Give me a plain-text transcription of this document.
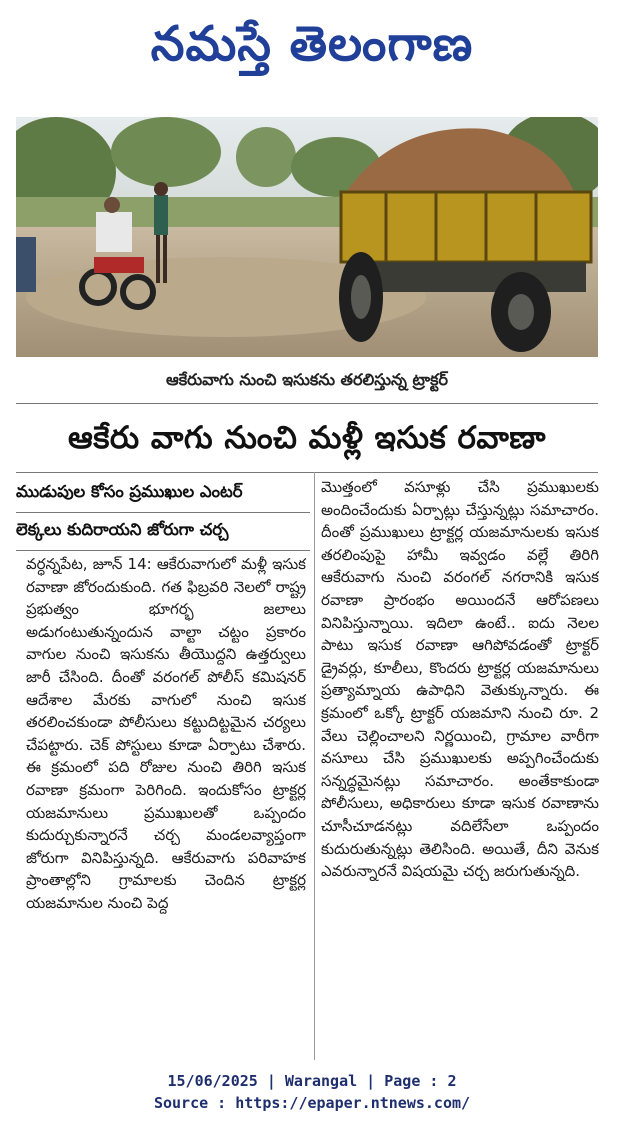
నమస్తే తెలంగాణ
ఆకేరువాగు నుంచి ఇసుకను తరలిస్తున్న ట్రాక్టర్
ఆకేరు వాగు నుంచి మళ్లీ ఇసుక రవాణా
ముడుపుల కోసం ప్రముఖుల ఎంటర్
లెక్కలు కుదిరాయని జోరుగా చర్చ

వర్ధన్నపేట, జూన్ 14: ఆకేరువాగులో మళ్లీ ఇసుక రవాణా జోరందుకుంది. గత ఫిబ్రవరి నెలలో రాష్ట్ర ప్రభుత్వం భూగర్భ జలాలు అడుగంటుతున్నందున వాల్టా చట్టం ప్రకారం వాగుల నుంచి ఇసుకను తీయొద్దని ఉత్తర్వులు జారీ చేసింది. దీంతో వరంగల్ పోలీస్ కమిషనర్ ఆదేశాల మేరకు వాగులో నుంచి ఇసుక తరలించకుండా పోలీసులు కట్టుదిట్టమైన చర్యలు చేపట్టారు. చెక్ పోస్టులు కూడా ఏర్పాటు చేశారు. ఈ క్రమంలో పది రోజుల నుంచి తిరిగి ఇసుక రవాణా క్రమంగా పెరిగింది. ఇందుకోసం ట్రాక్టర్ల యజమానులు ప్రముఖులతో ఒప్పందం కుదుర్చుకున్నారనే చర్చ మండలవ్యాప్తంగా జోరుగా వినిపిస్తున్నది. ఆకేరువాగు పరివాహక ప్రాంతాల్లోని గ్రామాలకు చెందిన ట్రాక్టర్ల యజమానుల నుంచి పెద్ద

మొత్తంలో వసూళ్లు చేసి ప్రముఖులకు అందించేందుకు ఏర్పాట్లు చేస్తున్నట్లు సమాచారం. దీంతో ప్రముఖులు ట్రాక్టర్ల యజమానులకు ఇసుక తరలింపుపై హామీ ఇవ్వడం వల్లే తిరిగి ఆకేరువాగు నుంచి వరంగల్ నగరానికి ఇసుక రవాణా ప్రారంభం అయిందనే ఆరోపణలు వినిపిస్తున్నాయి. ఇదిలా ఉంటే.. ఐదు నెలల పాటు ఇసుక రవాణా ఆగిపోవడంతో ట్రాక్టర్ డ్రైవర్లు, కూలీలు, కొందరు ట్రాక్టర్ల యజమానులు ప్రత్యామ్నాయ ఉపాధిని వెతుక్కున్నారు. ఈ క్రమంలో ఒక్కో ట్రాక్టర్ యజమాని నుంచి రూ. 2 వేలు చెల్లించాలని నిర్ణయించి, గ్రామాల వారీగా వసూలు చేసి ప్రముఖులకు అప్పగించేందుకు సన్నద్ధమైనట్లు సమాచారం. అంతేకాకుండా పోలీసులు, అధికారులు కూడా ఇసుక రవాణాను చూసీచూడనట్లు వదిలేసేలా ఒప్పందం కుదురుతున్నట్లు తెలిసింది. అయితే, దీని వెనుక ఎవరున్నారనే విషయమై చర్చ జరుగుతున్నది.

15/06/2025 | Warangal | Page : 2
Source : https://epaper.ntnews.com/
